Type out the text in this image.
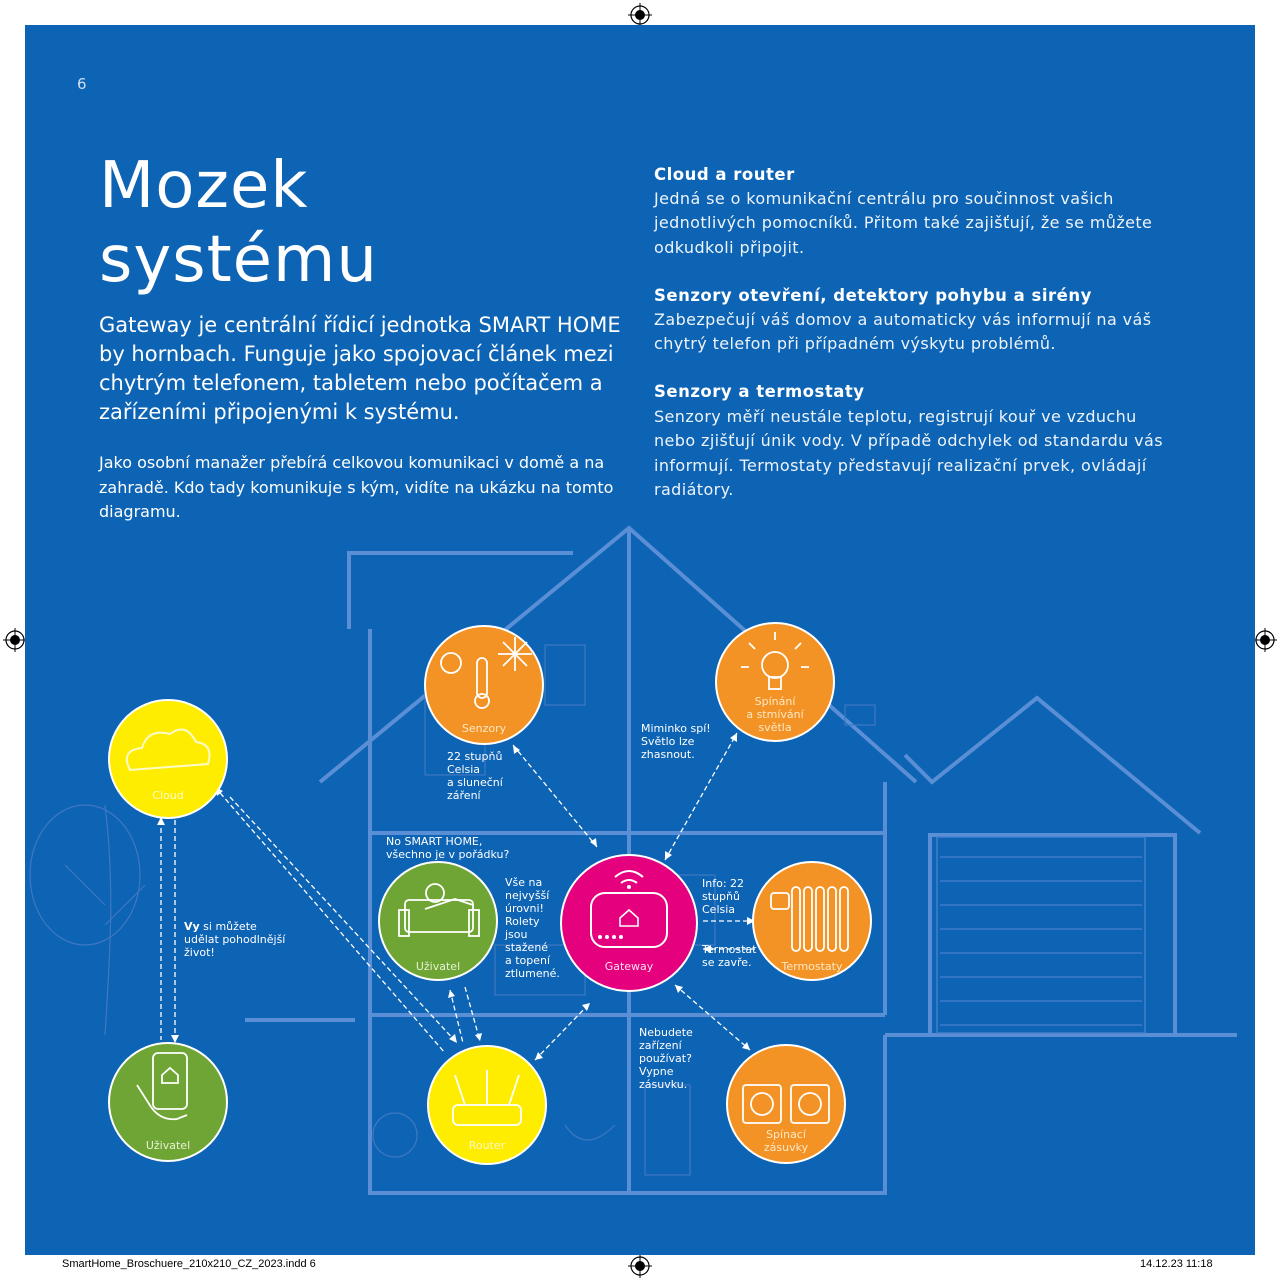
Cloud
Senzory
Spínání
a stmívání
světla
Uživatel	Gateway	Termostaty
Uživatel	Router
Spínací
zásuvky
22 stupňů Celsia a sluneční záření
Miminko spí! Světlo lze zhasnout.
No SMART HOME, všechno je v pořádku?
Vše na nejvyšší úrovni! Rolety jsou stažené a topení ztlumené.
Info: 22 stupňů Celsia
Termostat se zavře.
Vy si můžete udělat pohodlnější život!
Nebudete zařízení používat? Vypne zásuvku.
6
Mozek
systému

Gateway je centrální řídicí jednotka SMART HOME by hornbach. Funguje jako spojovací článek mezi chytrým telefonem, tabletem nebo počítačem a zařízeními připojenými k systému.

Jako osobní manažer přebírá celkovou komunikaci v domě a na zahradě. Kdo tady komunikuje s kým, vidíte na ukázku na tomto diagramu.

Cloud a router

Jedná se o komunikační centrálu pro součinnost vašich jednotlivých pomocníků. Přitom také zajišťují, že se můžete odkudkoli připojit.

Senzory otevření, detektory pohybu a sirény

Zabezpečují váš domov a automaticky vás informují na váš chytrý telefon při případném výskytu problémů.

Senzory a termostaty

Senzory měří neustále teplotu, registrují kouř ve vzduchu nebo zjišťují únik vody. V případě odchylek od standardu vás informují. Termostaty představují realizační prvek, ovládají radiátory.

SmartHome_Broschuere_210x210_CZ_2023.indd 6	14.12.23 11:18
